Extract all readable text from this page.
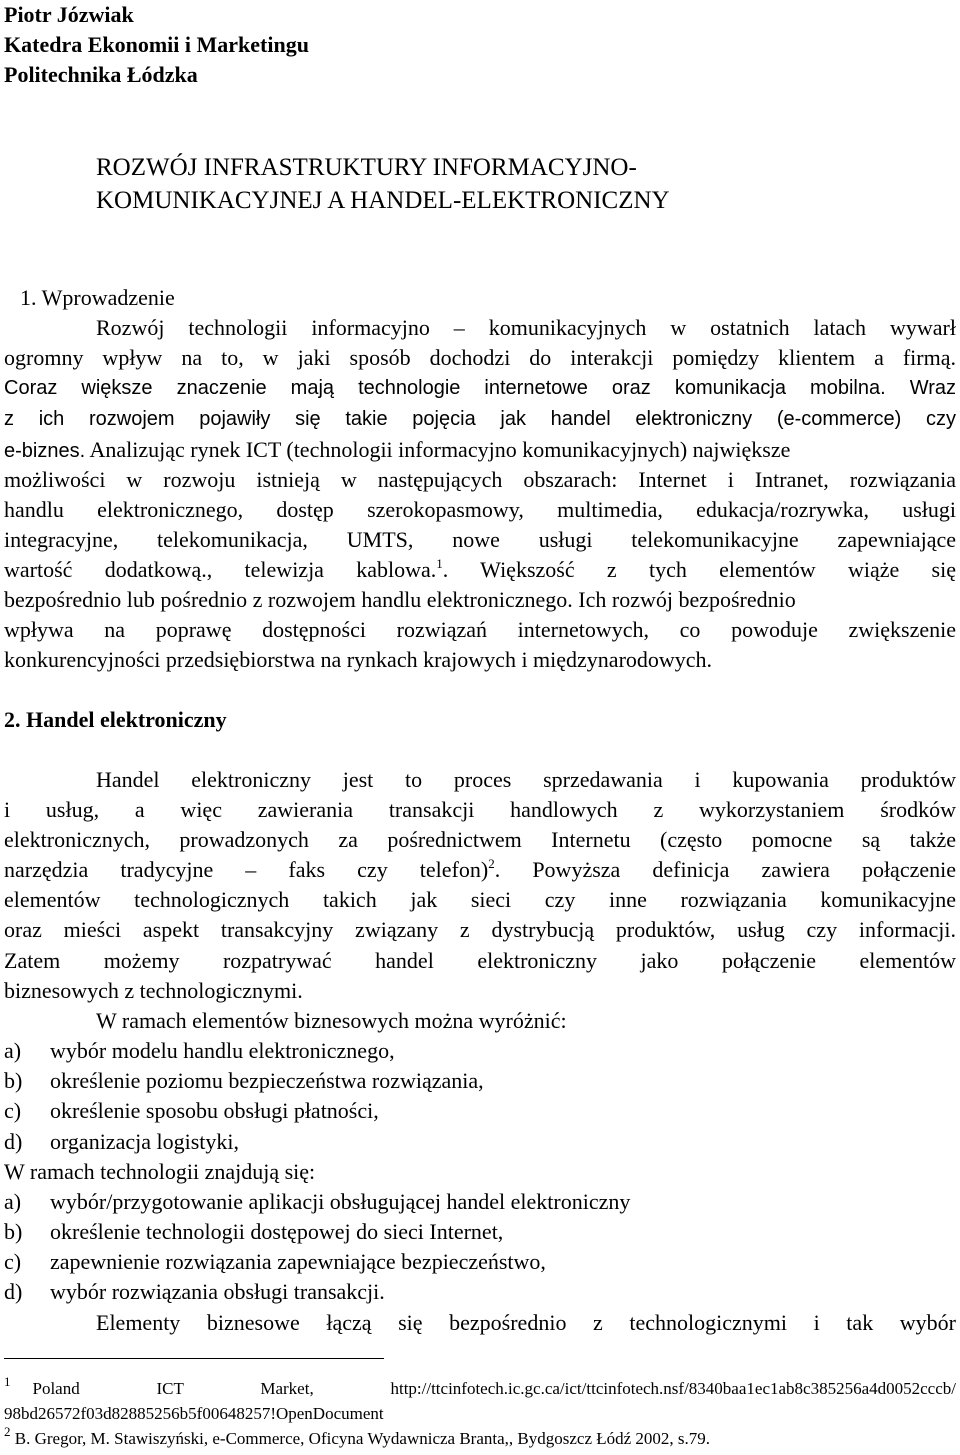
Piotr Józwiak
Katedra Ekonomii i Marketingu
Politechnika Łódzka
ROZWÓJ INFRASTRUKTURY INFORMACYJNO-
KOMUNIKACYJNEJ A HANDEL-ELEKTRONICZNY
1. Wprowadzenie
Rozwój technologii informacyjno – komunikacyjnych w ostatnich latach wywarł
ogromny wpływ na to, w jaki sposób dochodzi do interakcji pomiędzy klientem a firmą.
Coraz większe znaczenie mają technologie internetowe oraz komunikacja mobilna. Wraz
z ich rozwojem pojawiły się takie pojęcia jak handel elektroniczny (e-commerce) czy
e-biznes. Analizując rynek ICT (technologii informacyjno komunikacyjnych) największe
możliwości w rozwoju istnieją w następujących obszarach: Internet i Intranet, rozwiązania
handlu elektronicznego, dostęp szerokopasmowy, multimedia, edukacja/rozrywka, usługi
integracyjne, telekomunikacja, UMTS, nowe usługi telekomunikacyjne zapewniające
wartość dodatkową., telewizja kablowa.$^1$. Większość z tych elementów wiąże się
bezpośrednio lub pośrednio z rozwojem handlu elektronicznego. Ich rozwój bezpośrednio
wpływa na poprawę dostępności rozwiązań internetowych, co powoduje zwiększenie
konkurencyjności przedsiębiorstwa na rynkach krajowych i międzynarodowych.
2. Handel elektroniczny
Handel elektroniczny jest to proces sprzedawania i kupowania produktów
i usług, a więc zawierania transakcji handlowych z wykorzystaniem środków
elektronicznych, prowadzonych za pośrednictwem Internetu (często pomocne są także
narzędzia tradycyjne – faks czy telefon)$^2$. Powyższa definicja zawiera połączenie
elementów technologicznych takich jak sieci czy inne rozwiązania komunikacyjne
oraz mieści aspekt transakcyjny związany z dystrybucją produktów, usług czy informacji.
Zatem możemy rozpatrywać handel elektroniczny jako połączenie elementów
biznesowych z technologicznymi.
W ramach elementów biznesowych można wyróżnić:
a) wybór modelu handlu elektronicznego,
b) określenie poziomu bezpieczeństwa rozwiązania,
c) określenie sposobu obsługi płatności,
d) organizacja logistyki,
W ramach technologii znajdują się:
a) wybór/przygotowanie aplikacji obsługującej handel elektroniczny
b) określenie technologii dostępowej do sieci Internet,
c) zapewnienie rozwiązania zapewniające bezpieczeństwo,
d) wybór rozwiązania obsługi transakcji.
Elementy biznesowe łączą się bezpośrednio z technologicznymi i tak wybór
$^1$ Poland ICT Market, http://ttcinfotech.ic.gc.ca/ict/ttcinfotech.nsf/8340baa1ec1ab8c385256a4d0052cccb/
98bd26572f03d82885256b5f00648257!OpenDocument
$^2$ B. Gregor, M. Stawiszyński, e-Commerce, Oficyna Wydawnicza Branta,, Bydgoszcz Łódź 2002, s.79.
